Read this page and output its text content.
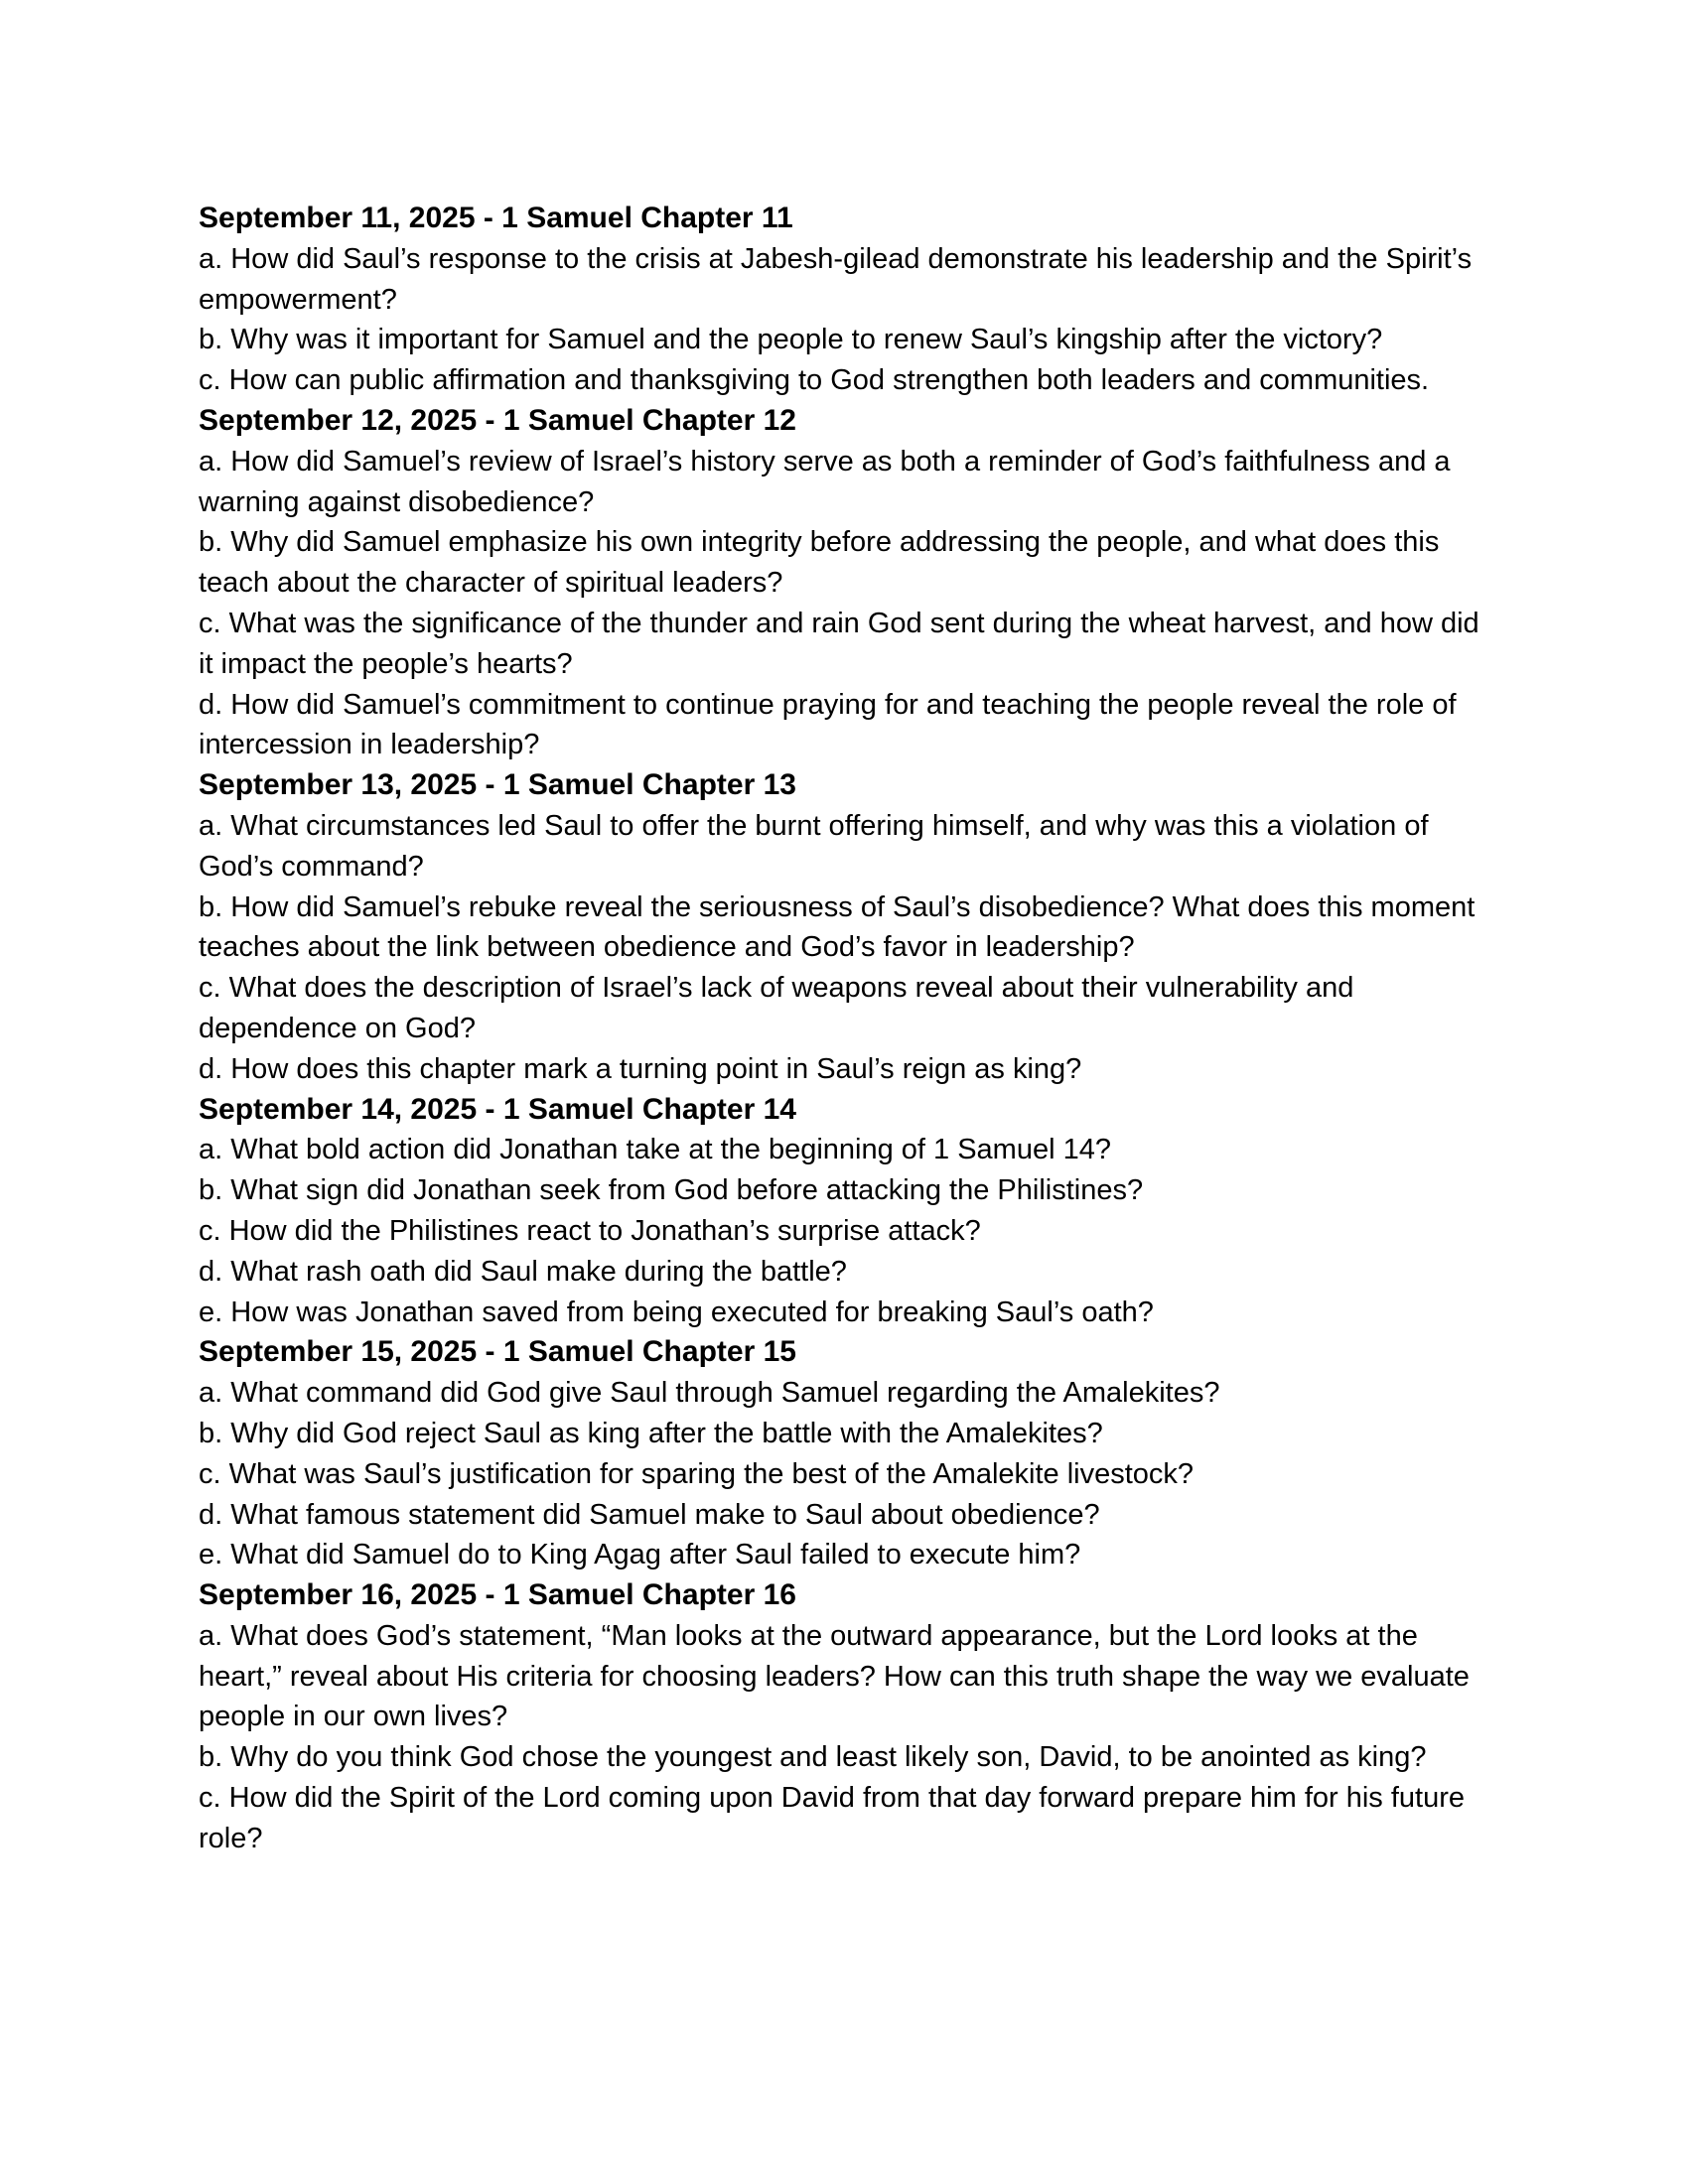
September 11, 2025 - 1 Samuel Chapter 11

a. How did Saul’s response to the crisis at Jabesh-gilead demonstrate his leadership and the Spirit’s empowerment?

b. Why was it important for Samuel and the people to renew Saul’s kingship after the victory?

c. How can public affirmation and thanksgiving to God strengthen both leaders and communities.

September 12, 2025 - 1 Samuel Chapter 12

a. How did Samuel’s review of Israel’s history serve as both a reminder of God’s faithfulness and a warning against disobedience?

b. Why did Samuel emphasize his own integrity before addressing the people, and what does this teach about the character of spiritual leaders?

c. What was the significance of the thunder and rain God sent during the wheat harvest, and how did it impact the people’s hearts?

d. How did Samuel’s commitment to continue praying for and teaching the people reveal the role of intercession in leadership?

September 13, 2025 - 1 Samuel Chapter 13

a. What circumstances led Saul to offer the burnt offering himself, and why was this a violation of God’s command?

b. How did Samuel’s rebuke reveal the seriousness of Saul’s disobedience? What does this moment teaches about the link between obedience and God’s favor in leadership?

c. What does the description of Israel’s lack of weapons reveal about their vulnerability and dependence on God?

d. How does this chapter mark a turning point in Saul’s reign as king?

September 14, 2025 - 1 Samuel Chapter 14

a. What bold action did Jonathan take at the beginning of 1 Samuel 14?

b. What sign did Jonathan seek from God before attacking the Philistines?

c. How did the Philistines react to Jonathan’s surprise attack?

d. What rash oath did Saul make during the battle?

e. How was Jonathan saved from being executed for breaking Saul’s oath?

September 15, 2025 - 1 Samuel Chapter 15

a. What command did God give Saul through Samuel regarding the Amalekites?

b. Why did God reject Saul as king after the battle with the Amalekites?

c. What was Saul’s justification for sparing the best of the Amalekite livestock?

d. What famous statement did Samuel make to Saul about obedience?

e. What did Samuel do to King Agag after Saul failed to execute him?

September 16, 2025 - 1 Samuel Chapter 16

a. What does God’s statement, “Man looks at the outward appearance, but the Lord looks at the heart,” reveal about His criteria for choosing leaders? How can this truth shape the way we evaluate people in our own lives?

b. Why do you think God chose the youngest and least likely son, David, to be anointed as king?

c. How did the Spirit of the Lord coming upon David from that day forward prepare him for his future role?
